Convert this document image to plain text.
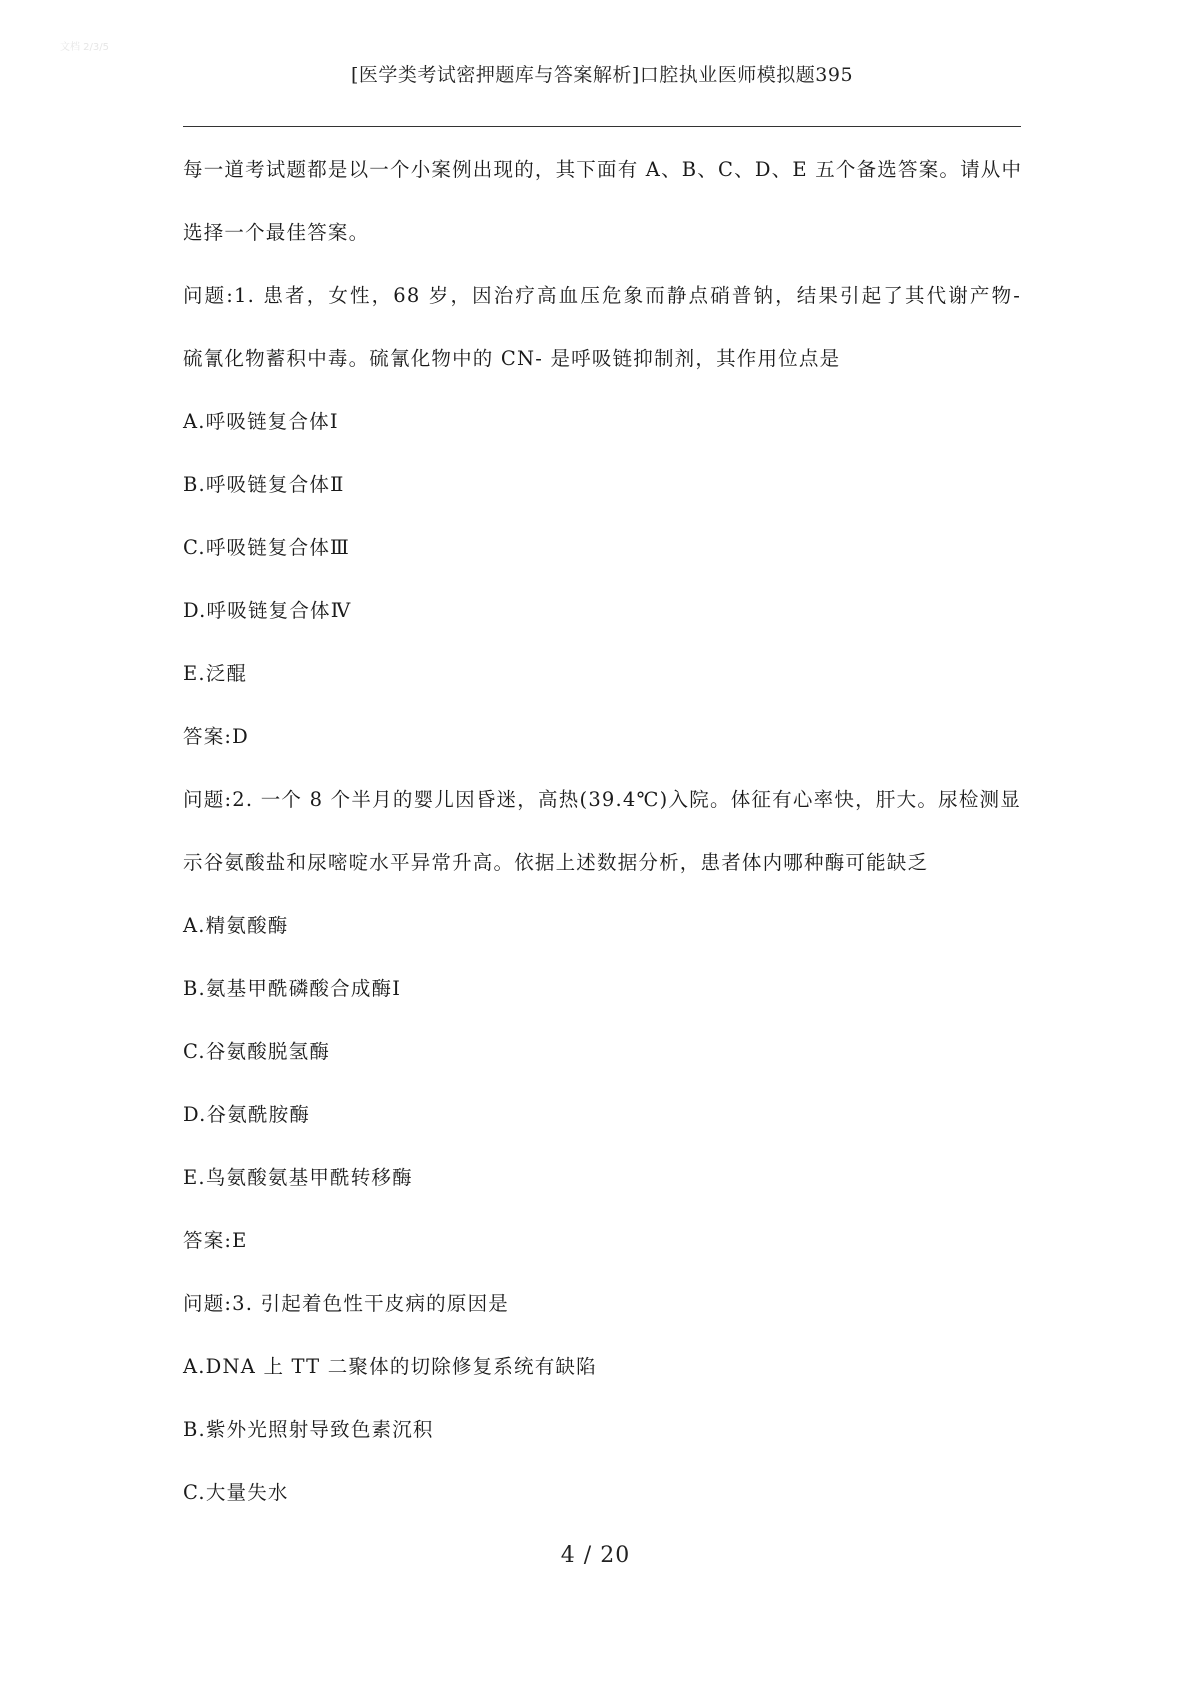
文档 2/3/5
[医学类考试密押题库与答案解析]口腔执业医师模拟题395
每一道考试题都是以一个小案例出现的，其下面有 A、B、C、D、E 五个备选答案。请从中
选择一个最佳答案。
问题:1. 患者，女性，68 岁，因治疗高血压危象而静点硝普钠，结果引起了其代谢产物-
硫氰化物蓄积中毒。硫氰化物中的 CN- 是呼吸链抑制剂，其作用位点是
A.呼吸链复合体Ⅰ
B.呼吸链复合体Ⅱ
C.呼吸链复合体Ⅲ
D.呼吸链复合体Ⅳ
E.泛醌
答案:D
问题:2. 一个 8 个半月的婴儿因昏迷，高热(39.4℃)入院。体征有心率快，肝大。尿检测显
示谷氨酸盐和尿嘧啶水平异常升高。依据上述数据分析，患者体内哪种酶可能缺乏
A.精氨酸酶
B.氨基甲酰磷酸合成酶Ⅰ
C.谷氨酸脱氢酶
D.谷氨酰胺酶
E.鸟氨酸氨基甲酰转移酶
答案:E
问题:3. 引起着色性干皮病的原因是
A.DNA 上 TT 二聚体的切除修复系统有缺陷
B.紫外光照射导致色素沉积
C.大量失水
4 / 20
